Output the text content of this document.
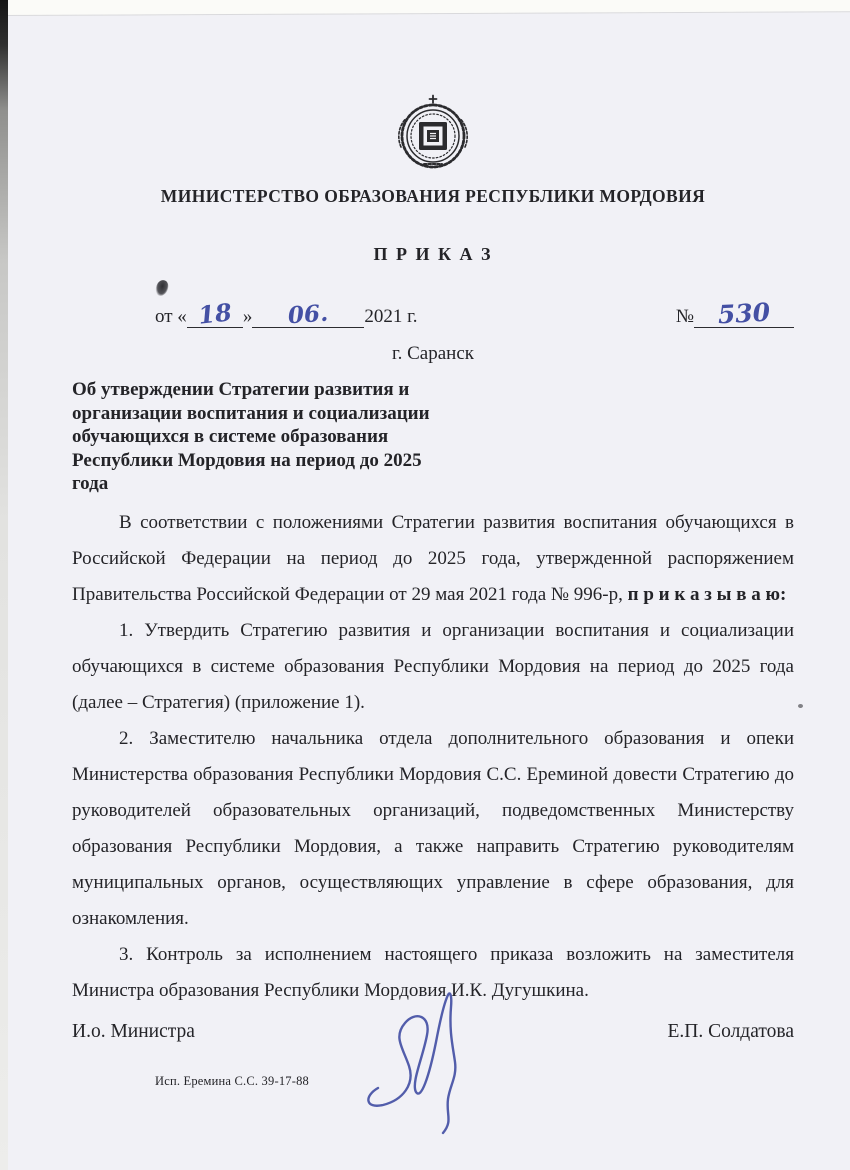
МИНИСТЕРСТВО ОБРАЗОВАНИЯ РЕСПУБЛИКИ МОРДОВИЯ
П Р И К А З
от « 18 »	06.	2021 г.	№ 530
г. Саранск
Об утверждении Стратегии развития и организации воспитания и социализации обучающихся в системе образования Республики Мордовия на период до 2025 года

В соответствии с положениями Стратегии развития воспитания обучающихся в Российской Федерации на период до 2025 года, утвержденной распоряжением Правительства Российской Федерации от 29 мая 2021 года № 996-р, п р и к а з ы в а ю:

1. Утвердить Стратегию развития и организации воспитания и социализации обучающихся в системе образования Республики Мордовия на период до 2025 года (далее – Стратегия) (приложение 1).

2. Заместителю начальника отдела дополнительного образования и опеки Министерства образования Республики Мордовия С.С. Ереминой довести Стратегию до руководителей образовательных организаций, подведомственных Министерству образования Республики Мордовия, а также направить Стратегию руководителям муниципальных органов, осуществляющих управление в сфере образования, для ознакомления.

3. Контроль за исполнением настоящего приказа возложить на заместителя Министра образования Республики Мордовия И.К. Дугушкина.

И.о. Министра	Е.П. Солдатова
Исп. Еремина С.С. 39-17-88
